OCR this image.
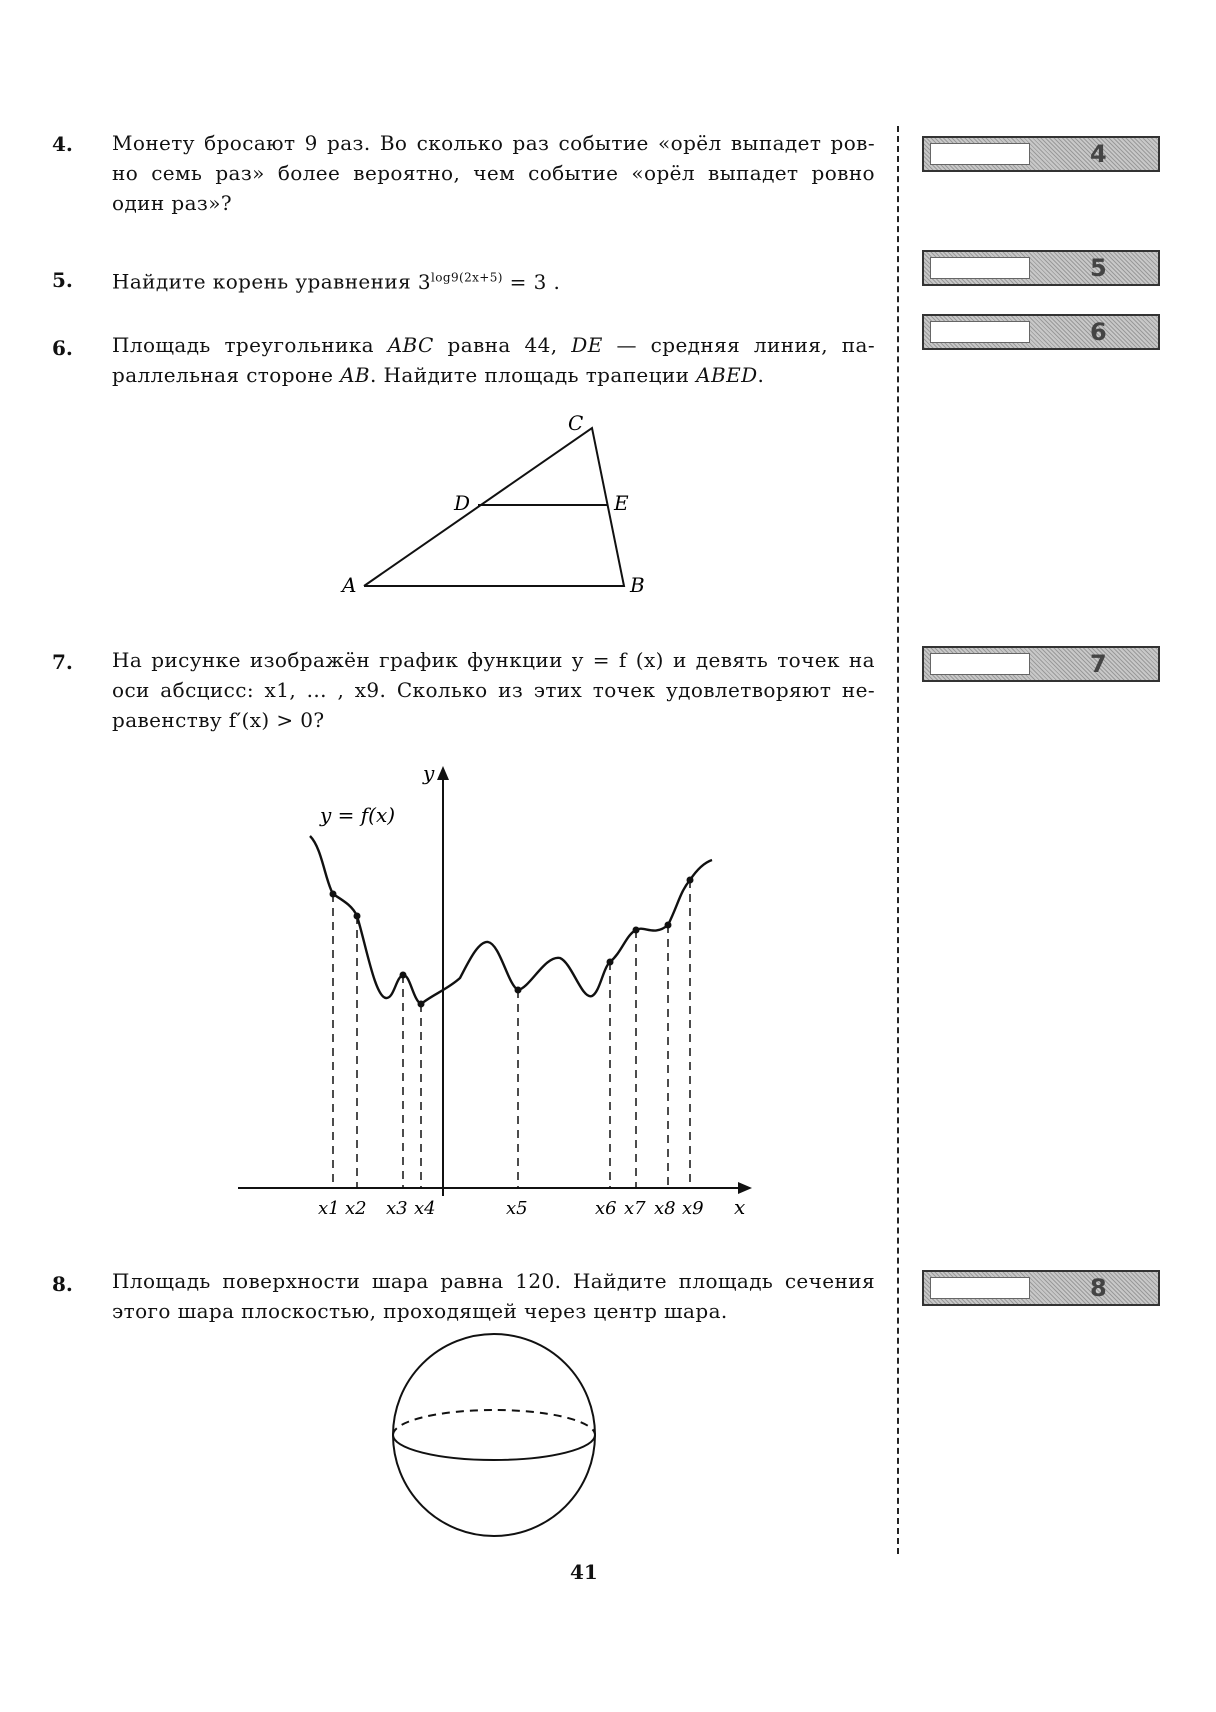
4. Монету бросают 9 раз. Во сколько раз событие «орёл выпадет ров-
но семь раз» более вероятно, чем событие «орёл выпадет ровно
один раз»?
4
5. Найдите корень уравнения $3^{log9(2x+5)} = 3$ .	5
6. Площадь треугольника ABC равна 44, DE — средняя линия, па-
раллельная стороне AB. Найдите площадь трапеции ABED.
6
A	B
C
D	E
y = f(x)
y
x
x1 x2 x3 x4	x5	x6 x7 x8 x9
7. На рисунке изображён график функции y = f (x) и девять точек на
оси абсцисс: x1, ... , x9. Сколько из этих точек удовлетворяют не-
равенству f′(x) > 0?
7
8. Площадь поверхности шара равна 120. Найдите площадь сечения
этого шара плоскостью, проходящей через центр шара.
8
41
